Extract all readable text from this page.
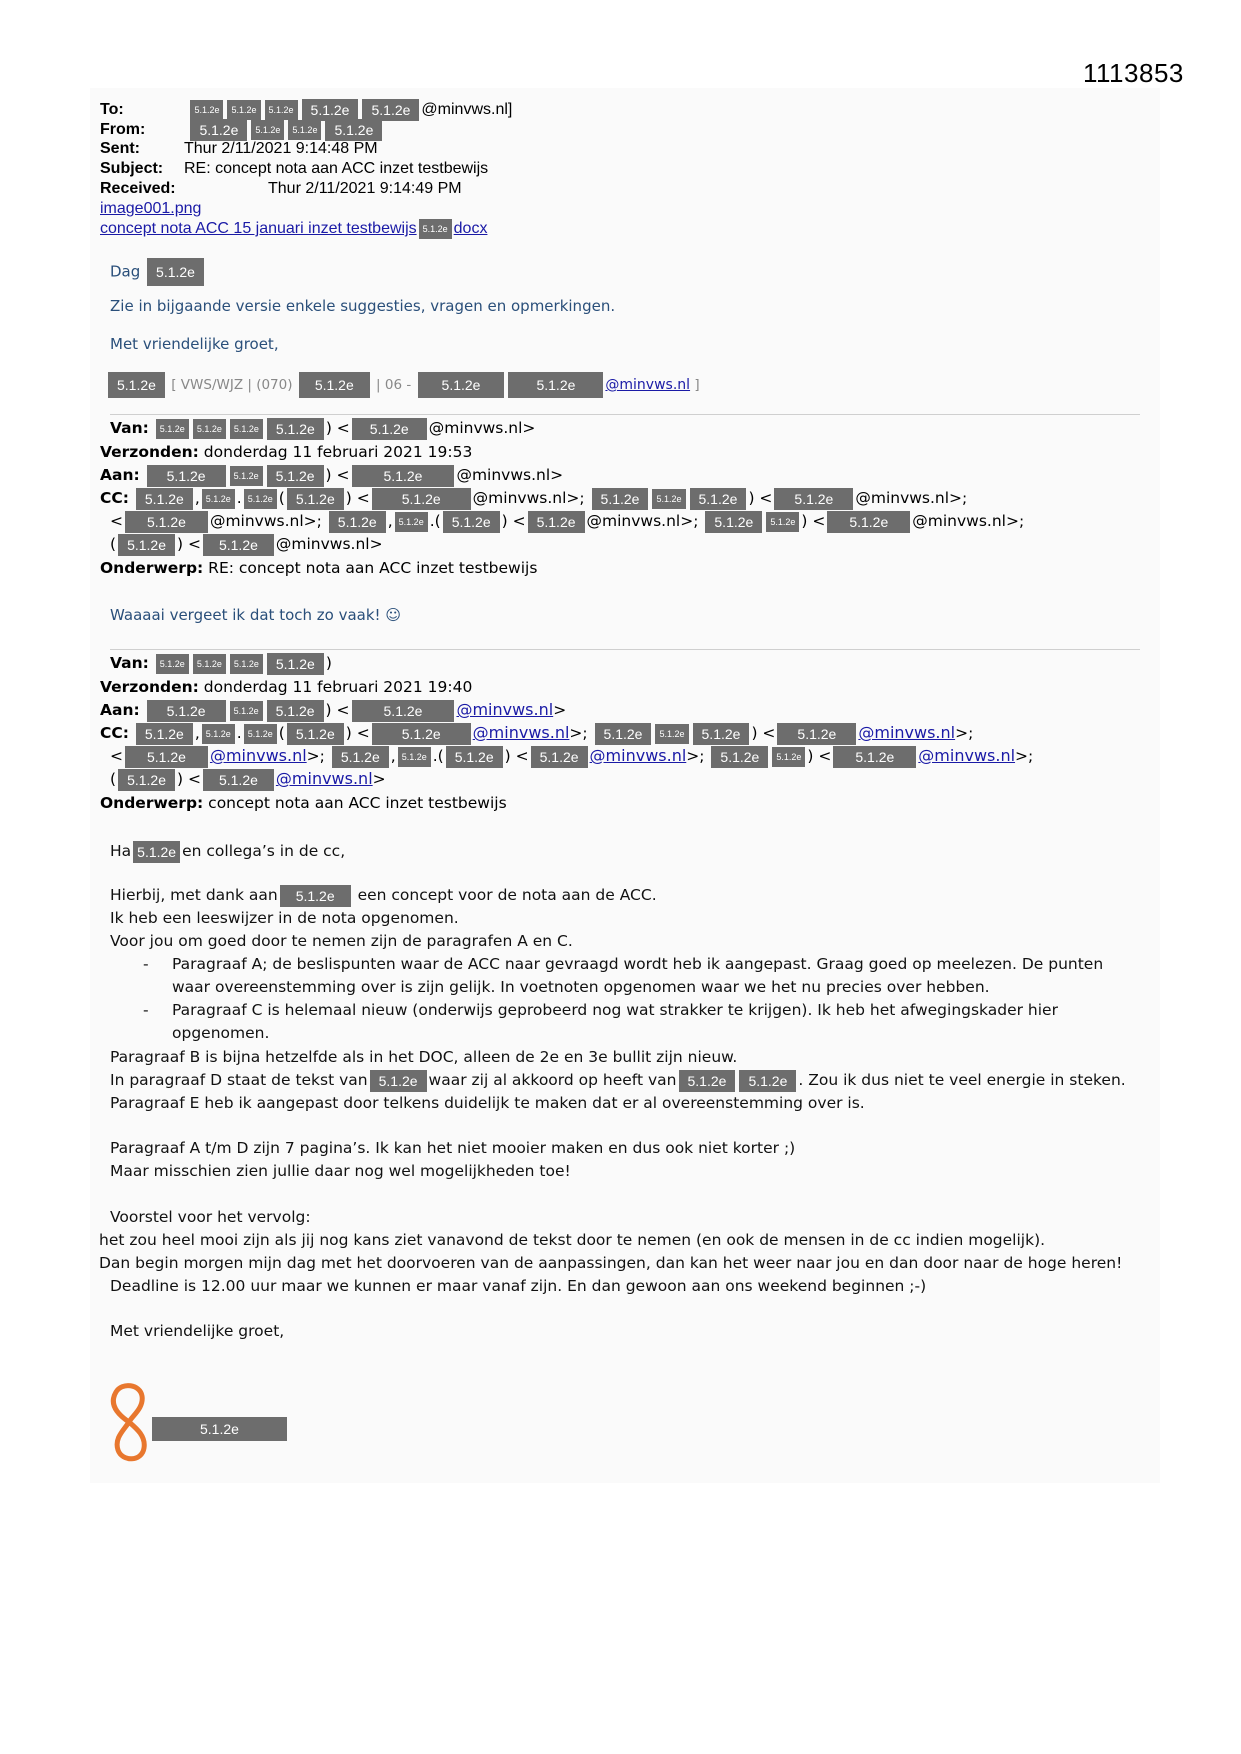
1113853
To:	5.1.2e 5.1.2e 5.1.2e 5.1.2e 5.1.2e @minvws.nl]
From:	5.1.2e 5.1.2e 5.1.2e 5.1.2e
Sent:	Thur 2/11/2021 9:14:48 PM
Subject: RE: concept nota aan ACC inzet testbewijs
Received:	Thur 2/11/2021 9:14:49 PM
image001.png
concept nota ACC 15 januari inzet testbewijs 5.1.2e docx
Dag 5.1.2e
Zie in bijgaande versie enkele suggesties, vragen en opmerkingen.
Met vriendelijke groet,
5.1.2e [ VWS/WJZ | (070) 5.1.2e | 06 - 5.1.2e	5.1.2e @minvws.nl ]
Van: 5.1.2e 5.1.2e 5.1.2e 5.1.2e ) < 5.1.2e @minvws.nl>
Verzonden: donderdag 11 februari 2021 19:53
Aan: 5.1.2e	5.1.2e 5.1.2e ) < 5.1.2e @minvws.nl>
CC: 5.1.2e , 5.1.2e . 5.1.2e ( 5.1.2e ) < 5.1.2e @minvws.nl>; 5.1.2e 5.1.2e 5.1.2e ) < 5.1.2e @minvws.nl>;
< 5.1.2e @minvws.nl>; 5.1.2e , 5.1.2e .( 5.1.2e ) < 5.1.2e @minvws.nl>; 5.1.2e 5.1.2e ) < 5.1.2e @minvws.nl>;
( 5.1.2e ) < 5.1.2e @minvws.nl>
Onderwerp: RE: concept nota aan ACC inzet testbewijs
Waaaai vergeet ik dat toch zo vaak! ☺
Van: 5.1.2e 5.1.2e 5.1.2e 5.1.2e )
Verzonden: donderdag 11 februari 2021 19:40
Aan: 5.1.2e	5.1.2e 5.1.2e ) < 5.1.2e @minvws.nl>
CC: 5.1.2e , 5.1.2e . 5.1.2e ( 5.1.2e ) < 5.1.2e @minvws.nl>; 5.1.2e 5.1.2e 5.1.2e ) < 5.1.2e @minvws.nl>;
< 5.1.2e @minvws.nl>; 5.1.2e , 5.1.2e .( 5.1.2e ) < 5.1.2e @minvws.nl>; 5.1.2e 5.1.2e ) < 5.1.2e @minvws.nl>;
( 5.1.2e ) < 5.1.2e @minvws.nl>
Onderwerp: concept nota aan ACC inzet testbewijs
Ha 5.1.2e en collega’s in de cc,
Hierbij, met dank aan 5.1.2e een concept voor de nota aan de ACC.
Ik heb een leeswijzer in de nota opgenomen.
Voor jou om goed door te nemen zijn de paragrafen A en C.
- Paragraaf A; de beslispunten waar de ACC naar gevraagd wordt heb ik aangepast. Graag goed op meelezen. De punten
waar overeenstemming over is zijn gelijk. In voetnoten opgenomen waar we het nu precies over hebben.
- Paragraaf C is helemaal nieuw (onderwijs geprobeerd nog wat strakker te krijgen). Ik heb het afwegingskader hier
opgenomen.
Paragraaf B is bijna hetzelfde als in het DOC, alleen de 2e en 3e bullit zijn nieuw.
In paragraaf D staat de tekst van 5.1.2e waar zij al akkoord op heeft van 5.1.2e 5.1.2e . Zou ik dus niet te veel energie in steken.
Paragraaf E heb ik aangepast door telkens duidelijk te maken dat er al overeenstemming over is.
Paragraaf A t/m D zijn 7 pagina’s. Ik kan het niet mooier maken en dus ook niet korter ;)
Maar misschien zien jullie daar nog wel mogelijkheden toe!
Voorstel voor het vervolg:
het zou heel mooi zijn als jij nog kans ziet vanavond de tekst door te nemen (en ook de mensen in de cc indien mogelijk).
Dan begin morgen mijn dag met het doorvoeren van de aanpassingen, dan kan het weer naar jou en dan door naar de hoge heren!
Deadline is 12.00 uur maar we kunnen er maar vanaf zijn. En dan gewoon aan ons weekend beginnen ;-)
Met vriendelijke groet,
5.1.2e
